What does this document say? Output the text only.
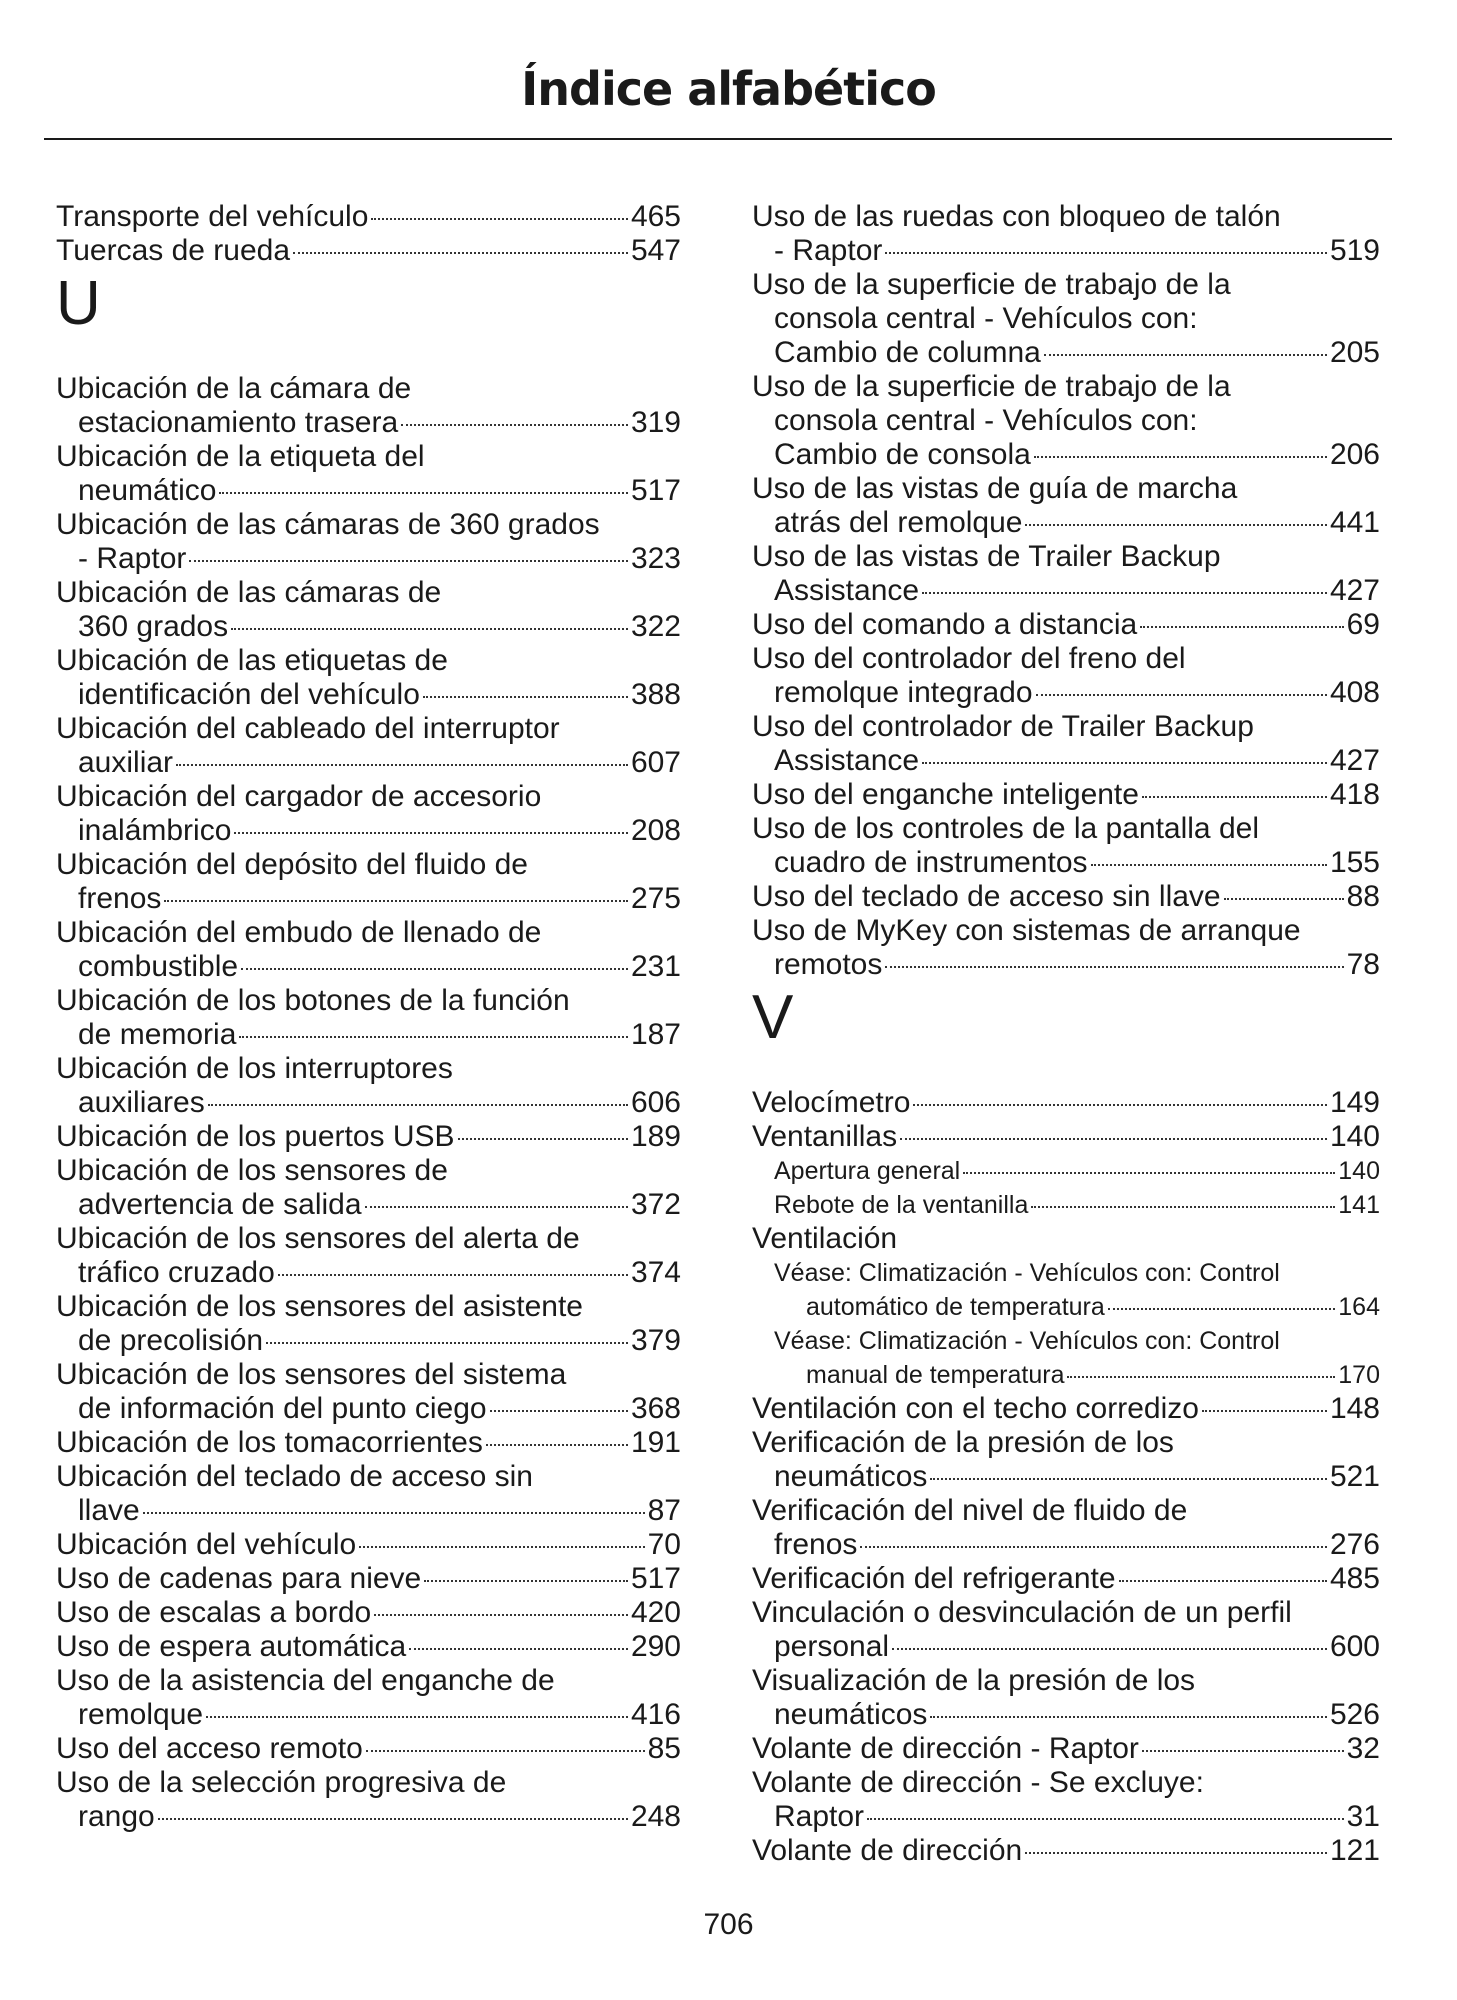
Índice alfabético
Transporte del vehículo	465
Tuercas de rueda	547
U
Ubicación de la cámara de
estacionamiento trasera	319
Ubicación de la etiqueta del
neumático	517
Ubicación de las cámaras de 360 grados
- Raptor	323
Ubicación de las cámaras de
360 grados	322
Ubicación de las etiquetas de
identificación del vehículo	388
Ubicación del cableado del interruptor
auxiliar	607
Ubicación del cargador de accesorio
inalámbrico	208
Ubicación del depósito del fluido de
frenos	275
Ubicación del embudo de llenado de
combustible	231
Ubicación de los botones de la función
de memoria	187
Ubicación de los interruptores
auxiliares	606
Ubicación de los puertos USB	189
Ubicación de los sensores de
advertencia de salida	372
Ubicación de los sensores del alerta de
tráfico cruzado	374
Ubicación de los sensores del asistente
de precolisión	379
Ubicación de los sensores del sistema
de información del punto ciego	368
Ubicación de los tomacorrientes	191
Ubicación del teclado de acceso sin
llave	87
Ubicación del vehículo	70
Uso de cadenas para nieve	517
Uso de escalas a bordo	420
Uso de espera automática	290
Uso de la asistencia del enganche de
remolque	416
Uso del acceso remoto	85
Uso de la selección progresiva de
rango	248
Uso de las ruedas con bloqueo de talón
- Raptor	519
Uso de la superficie de trabajo de la
consola central - Vehículos con:
Cambio de columna	205
Uso de la superficie de trabajo de la
consola central - Vehículos con:
Cambio de consola	206
Uso de las vistas de guía de marcha
atrás del remolque	441
Uso de las vistas de Trailer Backup
Assistance	427
Uso del comando a distancia	69
Uso del controlador del freno del
remolque integrado	408
Uso del controlador de Trailer Backup
Assistance	427
Uso del enganche inteligente	418
Uso de los controles de la pantalla del
cuadro de instrumentos	155
Uso del teclado de acceso sin llave	88
Uso de MyKey con sistemas de arranque
remotos	78
V
Velocímetro	149
Ventanillas	140
Apertura general	140
Rebote de la ventanilla	141
Ventilación
Véase: Climatización - Vehículos con: Control
automático de temperatura	164
Véase: Climatización - Vehículos con: Control
manual de temperatura	170
Ventilación con el techo corredizo	148
Verificación de la presión de los
neumáticos	521
Verificación del nivel de fluido de
frenos	276
Verificación del refrigerante	485
Vinculación o desvinculación de un perfil
personal	600
Visualización de la presión de los
neumáticos	526
Volante de dirección - Raptor	32
Volante de dirección - Se excluye:
Raptor	31
Volante de dirección	121
706
